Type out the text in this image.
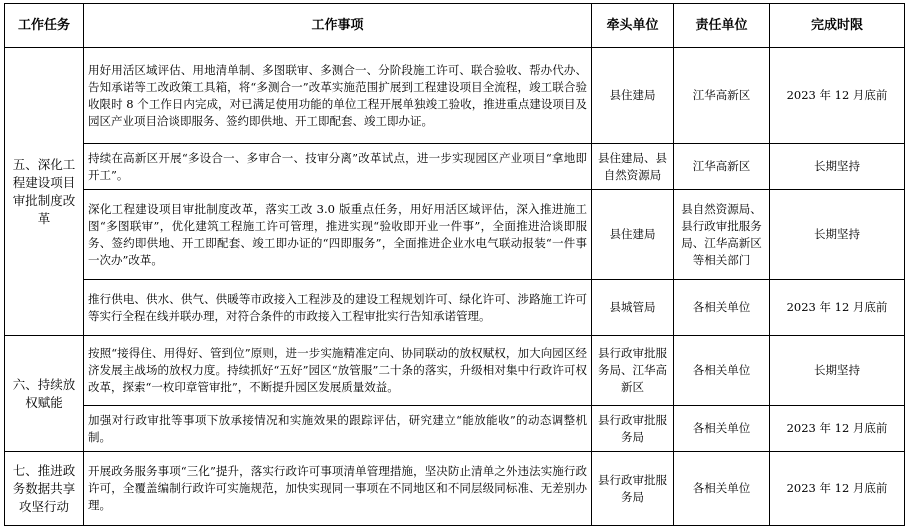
工作任务	工作事项	牵头单位	责任单位	完成时限
五、深化工程建设项目审批制度改革	用好用活区域评估、用地清单制、多图联审、多测合一、分阶段施工许可、联合验收、帮办代办、告知承诺等工改政策工具箱，将“多测合一”改革实施范围扩展到工程建设项目全流程，竣工联合验收限时 8 个工作日内完成，对已满足使用功能的单位工程开展单独竣工验收，推进重点建设项目及园区产业项目洽谈即服务、签约即供地、开工即配套、竣工即办证。	县住建局	江华高新区	2023 年 12 月底前
	持续在高新区开展“多设合一、多审合一、技审分离”改革试点，进一步实现园区产业项目“拿地即开工”。	县住建局、县自然资源局	江华高新区	长期坚持
	深化工程建设项目审批制度改革，落实工改 3.0 版重点任务，用好用活区域评估，深入推进施工图“多图联审”，优化建筑工程施工许可管理，推进实现“验收即开业一件事”，全面推进洽谈即服务、签约即供地、开工即配套、竣工即办证的“四即服务”，全面推进企业水电气联动报装“一件事一次办”改革。	县住建局	县自然资源局、县行政审批服务局、江华高新区等相关部门	长期坚持
	推行供电、供水、供气、供暖等市政接入工程涉及的建设工程规划许可、绿化许可、涉路施工许可等实行全程在线并联办理，对符合条件的市政接入工程审批实行告知承诺管理。	县城管局	各相关单位	2023 年 12 月底前
六、持续放权赋能	按照“接得住、用得好、管到位”原则，进一步实施精准定向、协同联动的放权赋权，加大向园区经济发展主战场的放权力度。持续抓好“五好”园区“放管服”二十条的落实，升级相对集中行政许可权改革，探索“一枚印章管审批”，不断提升园区发展质量效益。	县行政审批服务局、江华高新区	各相关单位	长期坚持
	加强对行政审批等事项下放承接情况和实施效果的跟踪评估，研究建立“能放能收”的动态调整机制。	县行政审批服务局	各相关单位	2023 年 12 月底前
七、推进政务数据共享攻坚行动	开展政务服务事项“三化”提升，落实行政许可事项清单管理措施，坚决防止清单之外违法实施行政许可，全覆盖编制行政许可实施规范，加快实现同一事项在不同地区和不同层级同标准、无差别办理。	县行政审批服务局	各相关单位	2023 年 12 月底前
